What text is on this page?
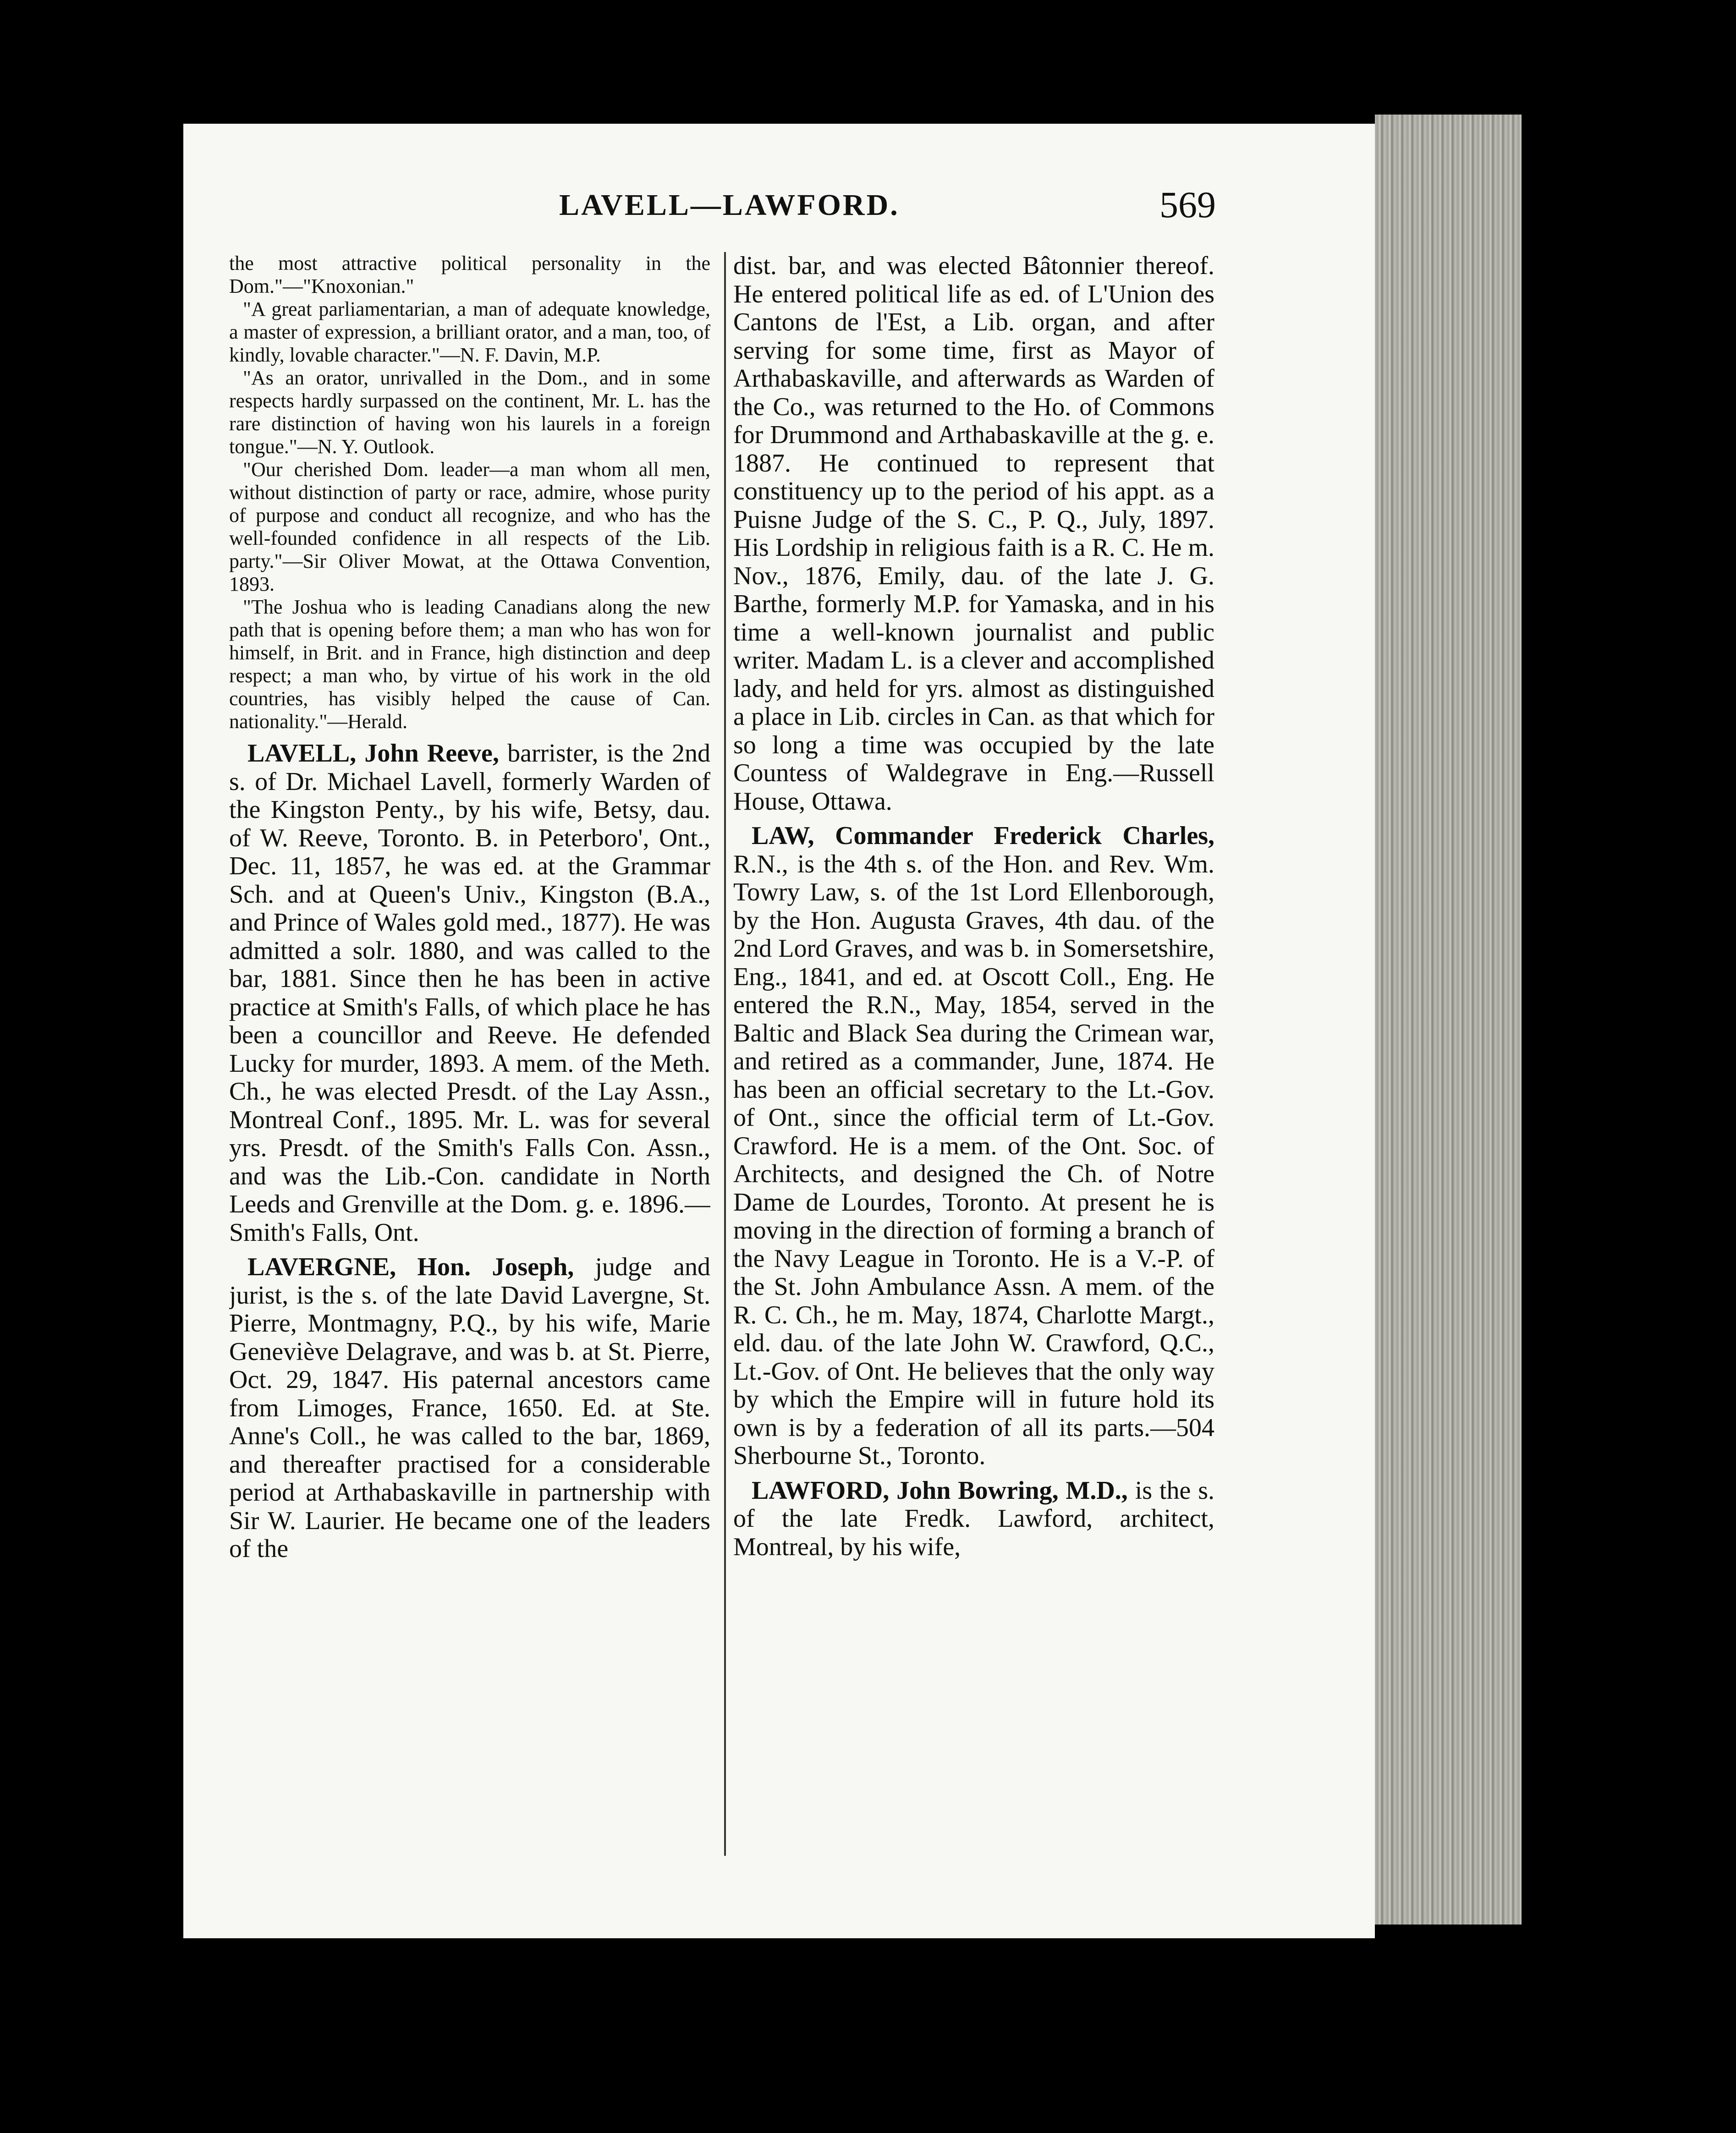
LAVELL—LAWFORD.	569

the most attractive political personality in the Dom."—"Knoxonian."

"A great parliamentarian, a man of adequate knowledge, a master of expression, a brilliant orator, and a man, too, of kindly, lovable character."—N. F. Davin, M.P.

"As an orator, unrivalled in the Dom., and in some respects hardly surpassed on the continent, Mr. L. has the rare distinction of having won his laurels in a foreign tongue."—N. Y. Outlook.

"Our cherished Dom. leader—a man whom all men, without distinction of party or race, admire, whose purity of purpose and conduct all recognize, and who has the well-founded confidence in all respects of the Lib. party."—Sir Oliver Mowat, at the Ottawa Convention, 1893.

"The Joshua who is leading Canadians along the new path that is opening before them; a man who has won for himself, in Brit. and in France, high distinction and deep respect; a man who, by virtue of his work in the old countries, has visibly helped the cause of Can. nationality."—Herald.

LAVELL, John Reeve, barrister, is the 2nd s. of Dr. Michael Lavell, formerly Warden of the Kingston Penty., by his wife, Betsy, dau. of W. Reeve, Toronto. B. in Peterboro', Ont., Dec. 11, 1857, he was ed. at the Grammar Sch. and at Queen's Univ., Kingston (B.A., and Prince of Wales gold med., 1877). He was admitted a solr. 1880, and was called to the bar, 1881. Since then he has been in active practice at Smith's Falls, of which place he has been a councillor and Reeve. He defended Lucky for murder, 1893. A mem. of the Meth. Ch., he was elected Presdt. of the Lay Assn., Montreal Conf., 1895. Mr. L. was for several yrs. Presdt. of the Smith's Falls Con. Assn., and was the Lib.-Con. candidate in North Leeds and Grenville at the Dom. g. e. 1896.—Smith's Falls, Ont.

LAVERGNE, Hon. Joseph, judge and jurist, is the s. of the late David Lavergne, St. Pierre, Montmagny, P.Q., by his wife, Marie Geneviève Delagrave, and was b. at St. Pierre, Oct. 29, 1847. His paternal ancestors came from Limoges, France, 1650. Ed. at Ste. Anne's Coll., he was called to the bar, 1869, and thereafter practised for a considerable period at Arthabaskaville in partnership with Sir W. Laurier. He became one of the leaders of the

dist. bar, and was elected Bâtonnier thereof. He entered political life as ed. of L'Union des Cantons de l'Est, a Lib. organ, and after serving for some time, first as Mayor of Arthabaskaville, and afterwards as Warden of the Co., was returned to the Ho. of Commons for Drummond and Arthabaskaville at the g. e. 1887. He continued to represent that constituency up to the period of his appt. as a Puisne Judge of the S. C., P. Q., July, 1897. His Lordship in religious faith is a R. C. He m. Nov., 1876, Emily, dau. of the late J. G. Barthe, formerly M.P. for Yamaska, and in his time a well-known journalist and public writer. Madam L. is a clever and accomplished lady, and held for yrs. almost as distinguished a place in Lib. circles in Can. as that which for so long a time was occupied by the late Countess of Waldegrave in Eng.—Russell House, Ottawa.

LAW, Commander Frederick Charles, R.N., is the 4th s. of the Hon. and Rev. Wm. Towry Law, s. of the 1st Lord Ellenborough, by the Hon. Augusta Graves, 4th dau. of the 2nd Lord Graves, and was b. in Somersetshire, Eng., 1841, and ed. at Oscott Coll., Eng. He entered the R.N., May, 1854, served in the Baltic and Black Sea during the Crimean war, and retired as a commander, June, 1874. He has been an official secretary to the Lt.-Gov. of Ont., since the official term of Lt.-Gov. Crawford. He is a mem. of the Ont. Soc. of Architects, and designed the Ch. of Notre Dame de Lourdes, Toronto. At present he is moving in the direction of forming a branch of the Navy League in Toronto. He is a V.-P. of the St. John Ambulance Assn. A mem. of the R. C. Ch., he m. May, 1874, Charlotte Margt., eld. dau. of the late John W. Crawford, Q.C., Lt.-Gov. of Ont. He believes that the only way by which the Empire will in future hold its own is by a federation of all its parts.—504 Sherbourne St., Toronto.

LAWFORD, John Bowring, M.D., is the s. of the late Fredk. Lawford, architect, Montreal, by his wife,
